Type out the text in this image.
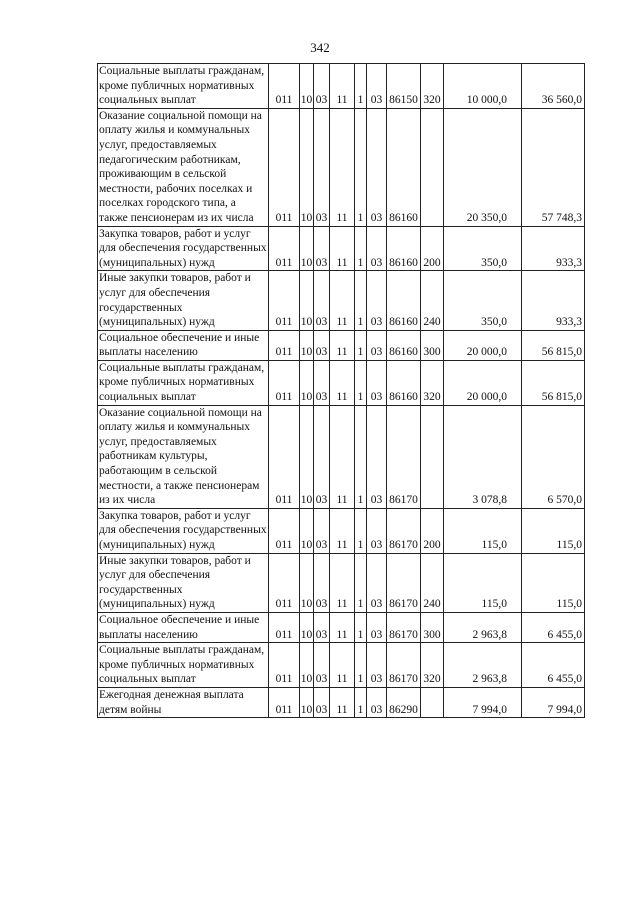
342
Социальные выплаты гражданам, кроме публичных нормативных социальных выплат	011	10	03	11	1	03	86150	320	10 000,0	36 560,0
Оказание социальной помощи на оплату жилья и коммунальных услуг, предоставляемых педагогическим работникам, проживающим в сельской местности, рабочих поселках и поселках городского типа, а также пенсионерам из их числа	011	10	03	11	1	03	86160		20 350,0	57 748,3
Закупка товаров, работ и услуг для обеспечения государственных (муниципальных) нужд	011	10	03	11	1	03	86160	200	350,0	933,3
Иные закупки товаров, работ и услуг для обеспечения государственных (муниципальных) нужд	011	10	03	11	1	03	86160	240	350,0	933,3
Социальное обеспечение и иные выплаты населению	011	10	03	11	1	03	86160	300	20 000,0	56 815,0
Социальные выплаты гражданам, кроме публичных нормативных социальных выплат	011	10	03	11	1	03	86160	320	20 000,0	56 815,0
Оказание социальной помощи на оплату жилья и коммунальных услуг, предоставляемых работникам культуры, работающим в сельской местности, а также пенсионерам из их числа	011	10	03	11	1	03	86170		3 078,8	6 570,0
Закупка товаров, работ и услуг для обеспечения государственных (муниципальных) нужд	011	10	03	11	1	03	86170	200	115,0	115,0
Иные закупки товаров, работ и услуг для обеспечения государственных (муниципальных) нужд	011	10	03	11	1	03	86170	240	115,0	115,0
Социальное обеспечение и иные выплаты населению	011	10	03	11	1	03	86170	300	2 963,8	6 455,0
Социальные выплаты гражданам, кроме публичных нормативных социальных выплат	011	10	03	11	1	03	86170	320	2 963,8	6 455,0
Ежегодная денежная выплата детям войны	011	10	03	11	1	03	86290		7 994,0	7 994,0
